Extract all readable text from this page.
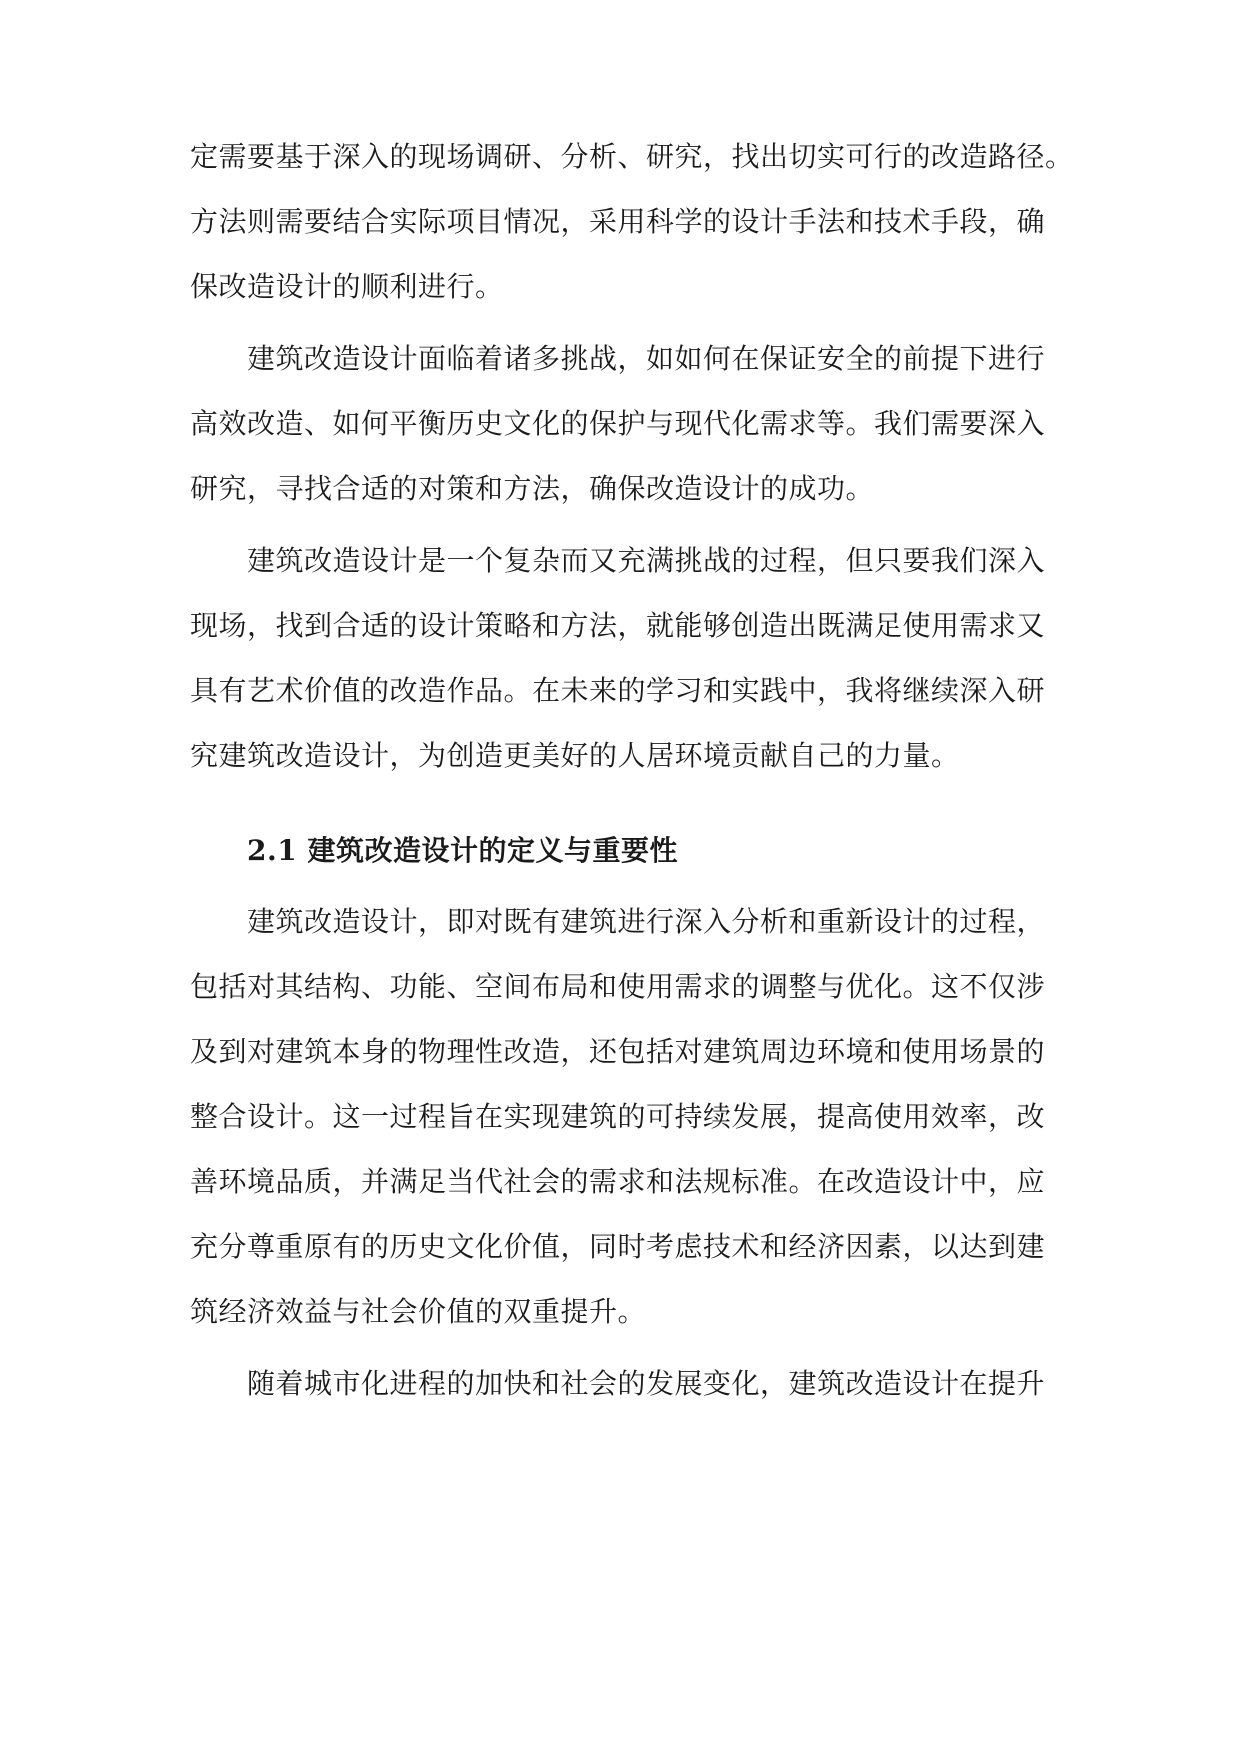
定需要基于深入的现场调研、分析、研究，找出切实可行的改造路径。
方法则需要结合实际项目情况，采用科学的设计手法和技术手段，确
保改造设计的顺利进行。
建筑改造设计面临着诸多挑战，如如何在保证安全的前提下进行
高效改造、如何平衡历史文化的保护与现代化需求等。我们需要深入
研究，寻找合适的对策和方法，确保改造设计的成功。
建筑改造设计是一个复杂而又充满挑战的过程，但只要我们深入
现场，找到合适的设计策略和方法，就能够创造出既满足使用需求又
具有艺术价值的改造作品。在未来的学习和实践中，我将继续深入研
究建筑改造设计，为创造更美好的人居环境贡献自己的力量。
2.1 建筑改造设计的定义与重要性
建筑改造设计，即对既有建筑进行深入分析和重新设计的过程，
包括对其结构、功能、空间布局和使用需求的调整与优化。这不仅涉
及到对建筑本身的物理性改造，还包括对建筑周边环境和使用场景的
整合设计。这一过程旨在实现建筑的可持续发展，提高使用效率，改
善环境品质，并满足当代社会的需求和法规标准。在改造设计中，应
充分尊重原有的历史文化价值，同时考虑技术和经济因素，以达到建
筑经济效益与社会价值的双重提升。
随着城市化进程的加快和社会的发展变化，建筑改造设计在提升
